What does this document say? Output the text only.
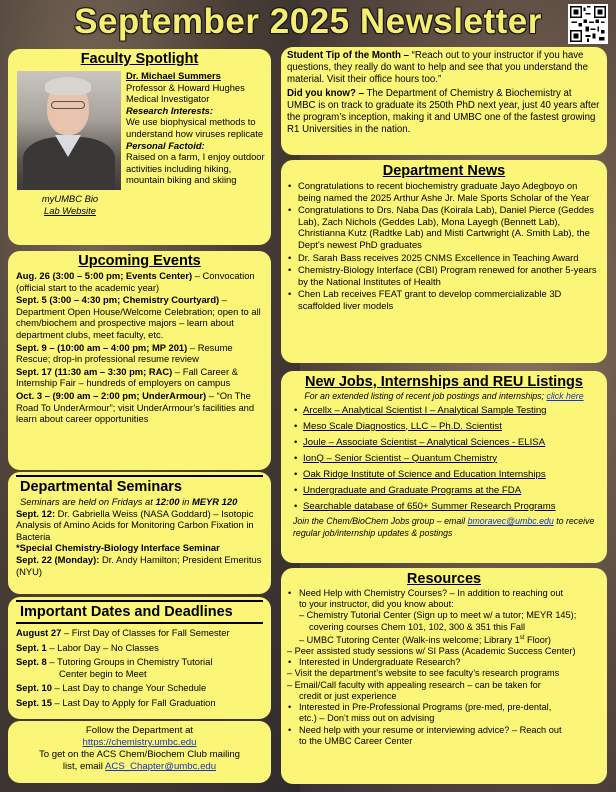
September 2025 Newsletter
Faculty Spotlight
myUMBC Bio
Lab Website
Dr. Michael Summers
Professor & Howard Hughes
Medical Investigator
Research Interests:
We use biophysical methods to understand how viruses replicate
Personal Factoid:
Raised on a farm, I enjoy outdoor activities including hiking, mountain biking and skiing
Upcoming Events

Aug. 26 (3:00 – 5:00 pm; Events Center) – Convocation (official start to the academic year)

Sept. 5 (3:00 – 4:30 pm; Chemistry Courtyard) – Department Open House/Welcome Celebration; open to all chem/biochem and prospective majors – learn about department clubs, meet faculty, etc.

Sept. 9 – (10:00 am – 4:00 pm; MP 201) – Resume Rescue; drop-in professional resume review

Sept. 17 (11:30 am – 3:30 pm; RAC) – Fall Career & Internship Fair – hundreds of employers on campus

Oct. 3 – (9:00 am – 2:00 pm; UnderArmour) – “On The Road To UnderArmour”; visit UnderArmour’s facilities and learn about career opportunities

Departmental Seminars
Seminars are held on Fridays at 12:00 in MEYR 120
Sept. 12: Dr. Gabriella Weiss (NASA Goddard) – Isotopic Analysis of Amino Acids for Monitoring Carbon Fixation in Bacteria
*Special Chemistry-Biology Interface Seminar
Sept. 22 (Monday): Dr. Andy Hamilton; President Emeritus (NYU)
Important Dates and Deadlines
August 27 – First Day of Classes for Fall Semester
Sept. 1 – Labor Day – No Classes
Sept. 8 – Tutoring Groups in Chemistry Tutorial
Center begin to Meet
Sept. 10 – Last Day to change Your Schedule
Sept. 15 – Last Day to Apply for Fall Graduation
Follow the Department at
https://chemistry.umbc.edu
To get on the ACS Chem/Biochem Club mailing
list, email ACS_Chapter@umbc.edu
Student Tip of the Month – “Reach out to your instructor if you have questions, they really do want to help and see that you understand the material. Visit their office hours too.”
Did you know? – The Department of Chemistry & Biochemistry at UMBC is on track to graduate its 250th PhD next year, just 40 years after the program’s inception, making it and UMBC one of the fastest growing R1 Universities in the nation.
Department News
• Congratulations to recent biochemistry graduate Jayo Adegboyo on being named the 2025 Arthur Ashe Jr. Male Sports Scholar of the Year
• Congratulations to Drs. Naba Das (Koirala Lab), Daniel Pierce (Geddes Lab), Zach Nichols (Geddes Lab), Mona Layegh (Bennett Lab), Christianna Kutz (Radtke Lab) and Misti Cartwright (A. Smith Lab), the Dept’s newest PhD graduates
• Dr. Sarah Bass receives 2025 CNMS Excellence in Teaching Award
• Chemistry-Biology Interface (CBI) Program renewed for another 5-years by the National Institutes of Health
• Chen Lab receives FEAT grant to develop commercializable 3D scaffolded liver models
New Jobs, Internships and REU Listings
For an extended listing of recent job postings and internships; click here
• Arcellx – Analytical Scientist I – Analytical Sample Testing
• Meso Scale Diagnostics, LLC – Ph.D. Scientist
• Joule – Associate Scientist – Analytical Sciences - ELISA
• IonQ – Senior Scientist – Quantum Chemistry
• Oak Ridge Institute of Science and Education Internships
• Undergraduate and Graduate Programs at the FDA
• Searchable database of 650+ Summer Research Programs
Join the Chem/BioChem Jobs group – email bmoravec@umbc.edu to receive regular job/internship updates & postings
Resources
• Need Help with Chemistry Courses? – In addition to reaching out
to your instructor, did you know about:
– Chemistry Tutorial Center (Sign up to meet w/ a tutor; MEYR 145);
covering courses Chem 101, 102, 300 & 351 this Fall
– UMBC Tutoring Center (Walk-ins welcome; Library 1st Floor)
– Peer assisted study sessions w/ SI Pass (Academic Success Center)
• Interested in Undergraduate Research?
– Visit the department’s website to see faculty’s research programs
– Email/Call faculty with appealing research – can be taken for
credit or just experience
• Interested in Pre-Professional Programs (pre-med, pre-dental,
etc.) – Don’t miss out on advising
• Need help with your resume or interviewing advice? – Reach out
to the UMBC Career Center
